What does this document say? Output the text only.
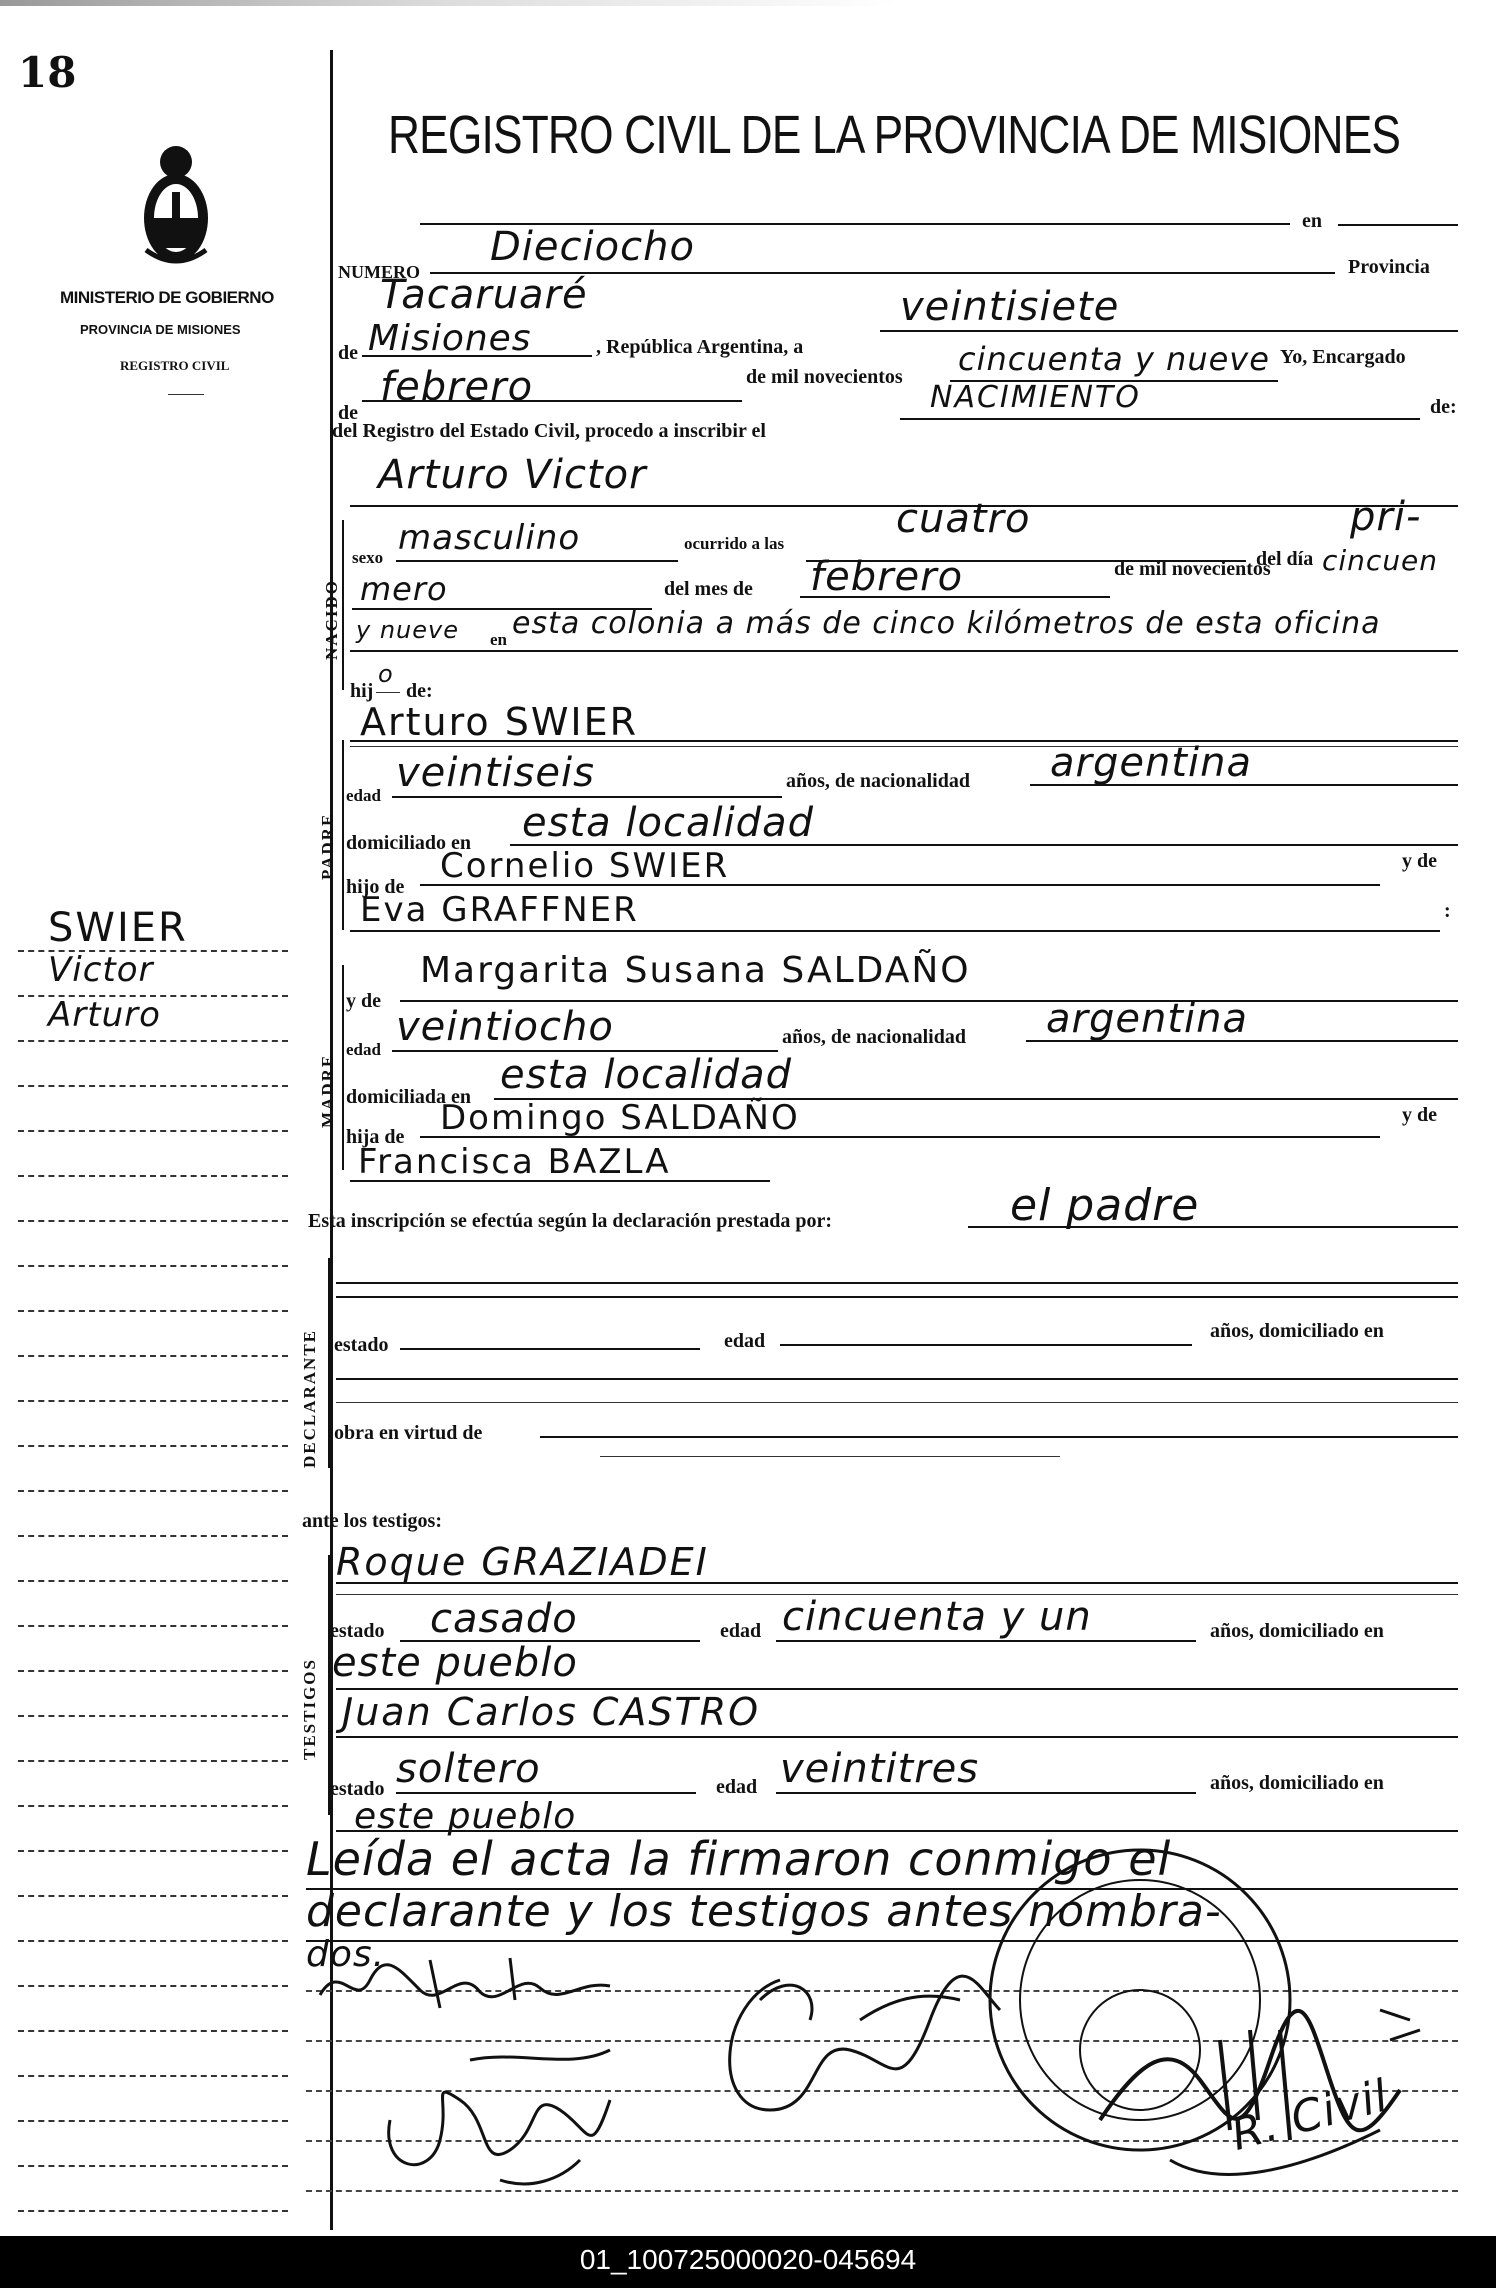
18
MINISTERIO DE GOBIERNO
PROVINCIA DE MISIONES
REGISTRO CIVIL
SWIER
Victor
Arturo
REGISTRO CIVIL DE LA PROVINCIA DE MISIONES
NUMERO
Dieciocho
en
Tacaruaré
Provincia
de Misiones	, República Argentina, a
veintisiete
de
febrero	de mil novecientos cincuenta y nueve Yo, Encargado
del Registro del Estado Civil, procedo a inscribir el
NACIMIENTO	de:
NACIDO
Arturo Victor
sexo masculino	ocurrido a las
cuatro
del día
pri-
mero	del mes de febrero	de mil novecientos cincuen
y nueve en esta colonia a más de cinco kilómetros de esta oficina
hij
o
de:
PADRE
Arturo SWIER
edad veintiseis	años, de nacionalidad argentina
domiciliado en esta localidad
hijo de
Cornelio SWIER	y de
Eva GRAFFNER	:
MADRE
y de
Margarita Susana SALDAÑO
edad veintiocho	años, de nacionalidad argentina
domiciliada en esta localidad
hija de Domingo SALDAÑO	y de
Francisca BAZLA
Esta inscripción se efectúa según la declaración prestada por:	el padre
DECLARANTE estado	edad	años, domiciliado en
obra en virtud de
ante los testigos:
TESTIGOS
Roque GRAZIADEI
estado casado	edad cincuenta y un	años, domiciliado en
este pueblo
Juan Carlos CASTRO
estado soltero	edad veintitres	años, domiciliado en
este pueblo
Leída el acta la firmaron conmigo el
declarante y los testigos antes nombra-
dos.
R. Civil
01_100725000020-045694
